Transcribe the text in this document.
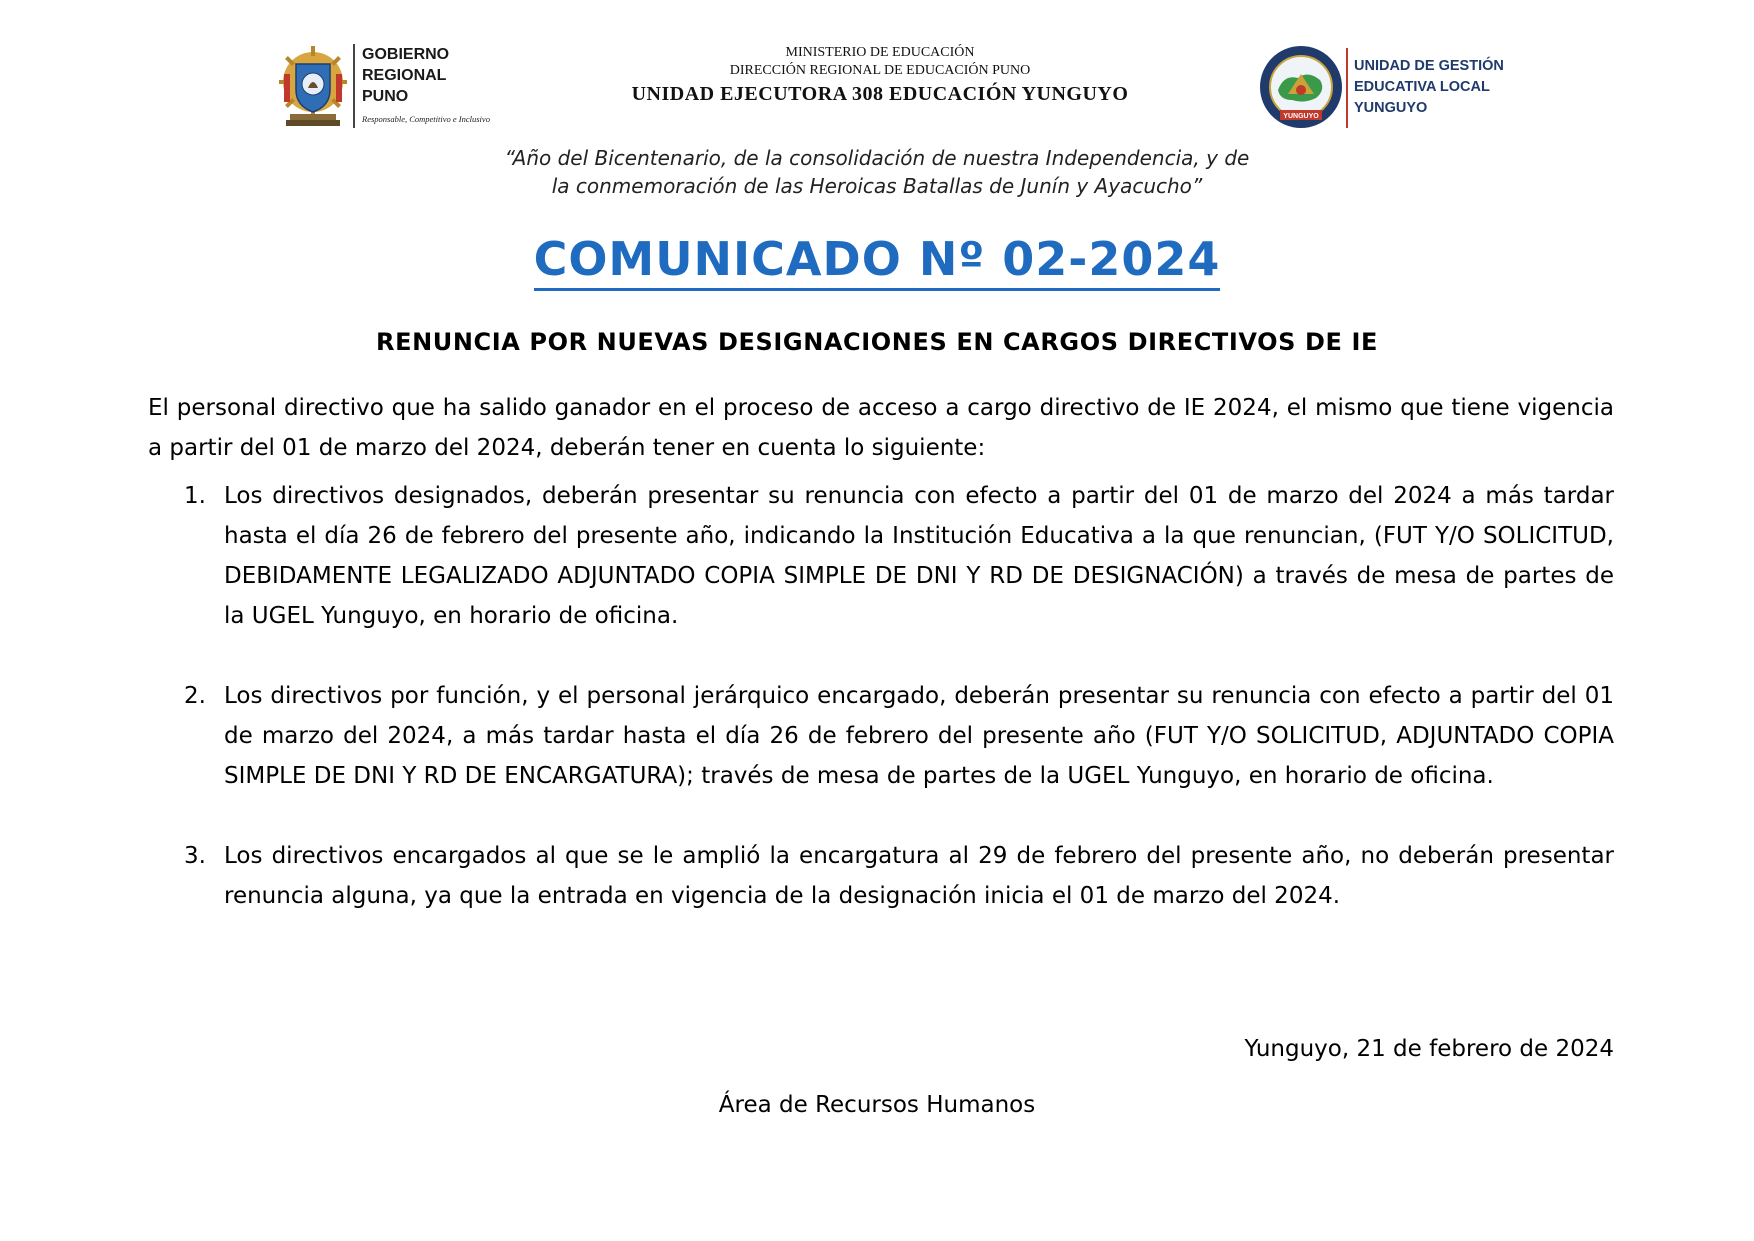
GOBIERNO
REGIONAL
PUNO
Responsable, Competitivo e Inclusivo
MINISTERIO DE EDUCACIÓN
DIRECCIÓN REGIONAL DE EDUCACIÓN PUNO
UNIDAD EJECUTORA 308 EDUCACIÓN YUNGUYO
YUNGUYO
UNIDAD DE GESTIÓN
EDUCATIVA LOCAL
YUNGUYO
“Año del Bicentenario, de la consolidación de nuestra Independencia, y de
la conmemoración de las Heroicas Batallas de Junín y Ayacucho”
COMUNICADO Nº 02-2024
RENUNCIA POR NUEVAS DESIGNACIONES EN CARGOS DIRECTIVOS DE IE

El personal directivo que ha salido ganador en el proceso de acceso a cargo directivo de IE 2024, el mismo que tiene vigencia a partir del 01 de marzo del 2024, deberán tener en cuenta lo siguiente:

1. Los directivos designados, deberán presentar su renuncia con efecto a partir del 01 de marzo del 2024 a más tardar hasta el día 26 de febrero del presente año, indicando la Institución Educativa a la que renuncian, (FUT Y/O SOLICITUD, DEBIDAMENTE LEGALIZADO ADJUNTADO COPIA SIMPLE DE DNI Y RD DE DESIGNACIÓN) a través de mesa de partes de la UGEL Yunguyo, en horario de oficina.
2. Los directivos por función, y el personal jerárquico encargado, deberán presentar su renuncia con efecto a partir del 01 de marzo del 2024, a más tardar hasta el día 26 de febrero del presente año (FUT Y/O SOLICITUD, ADJUNTADO COPIA SIMPLE DE DNI Y RD DE ENCARGATURA); través de mesa de partes de la UGEL Yunguyo, en horario de oficina.
3. Los directivos encargados al que se le amplió la encargatura al 29 de febrero del presente año, no deberán presentar renuncia alguna, ya que la entrada en vigencia de la designación inicia el 01 de marzo del 2024.
Yunguyo, 21 de febrero de 2024
Área de Recursos Humanos
